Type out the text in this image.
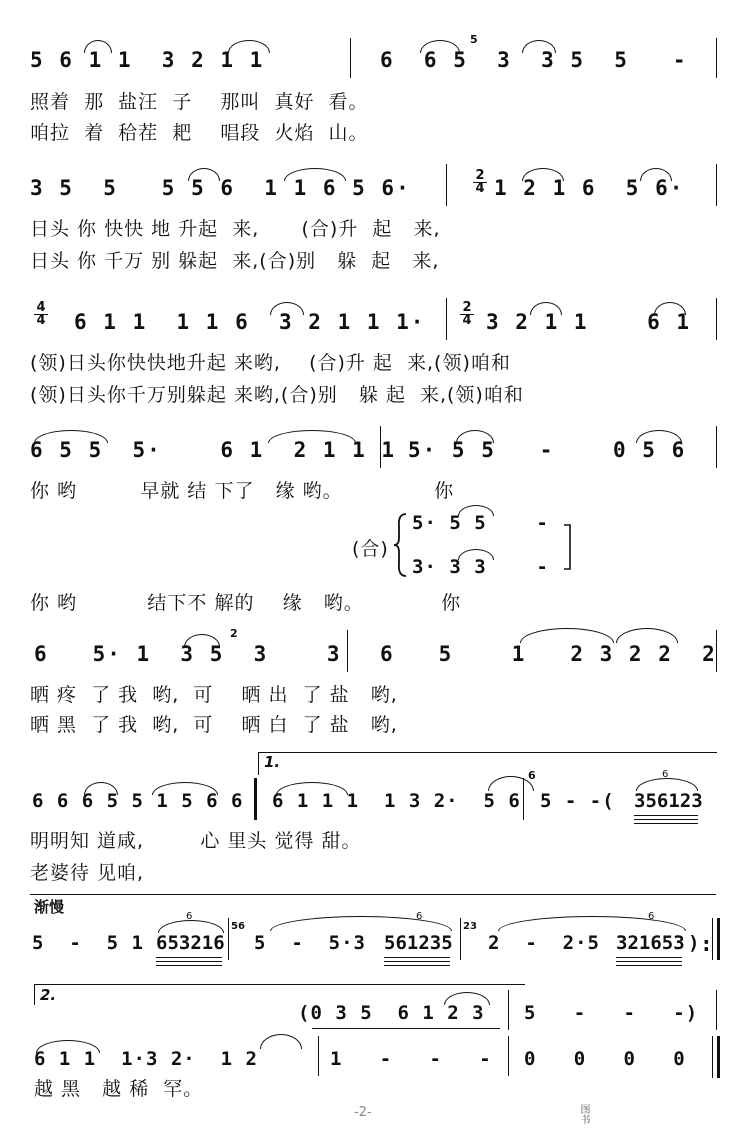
5 6 1 1  3 2 1 1	6  6 5  3  3 5  5   -
5
照着  那  盐汪  子    那叫  真好  看。
咱拉  着  秴茬  耙    唱段  火焰  山。
3 5  5   5 5 6  1 1 6 5 6·	$\frac{2}{4} 1$ 2 1 6  5 6·
日头 你 快快 地 升起  来,      (合)升  起   来,
日头 你 千万 别 躲起  来,(合)别   躲  起   来,
$\frac{4}{4} 6$ 1 1  1 1 6  3 2 1 1 1·	$\frac{2}{4} 3$ 2 1 1    6 1
(领)日头你快快地升起 来哟,    (合)升 起  来,(领)咱和
(领)日头你千万别躲起 来哟,(合)别   躲 起  来,(领)咱和
6 5 5  5·    6 1  2 1 1 1 5· 5 5   -    0 5 6
你 哟         早就 结 下了   缘 哟。             你
(合)
5· 5 5    -
3· 3 3    -
你 哟          结下不 解的    缘   哟。           你
6   5· 1  3 5  3    3
2
6   5    1   2 3 2 2  2
晒 疼  了 我  哟,  可    晒 出  了 盐   哟,
晒 黑  了 我  哟,  可    晒 白  了 盐   哟,
1.
6 6 6 5 5 1 5 6 6 6 1 1 1  1 3 2·  5 6
6
5 - -( 356123
6
明明知 道咸,        心 里头 觉得 甜。
老婆待 见咱,
渐慢
5  -  5 1 653216
6
56
5  -  5·3 561235
6
23
2  -  2·5 321653
6
) :
2.
(0 3 5  6 1 2 3 5   -   -   -)
6 1 1  1·3 2·  1 2	1   -   -   - 0   0   0   0
越 黑   越 稀  罕。
-2-	图书
